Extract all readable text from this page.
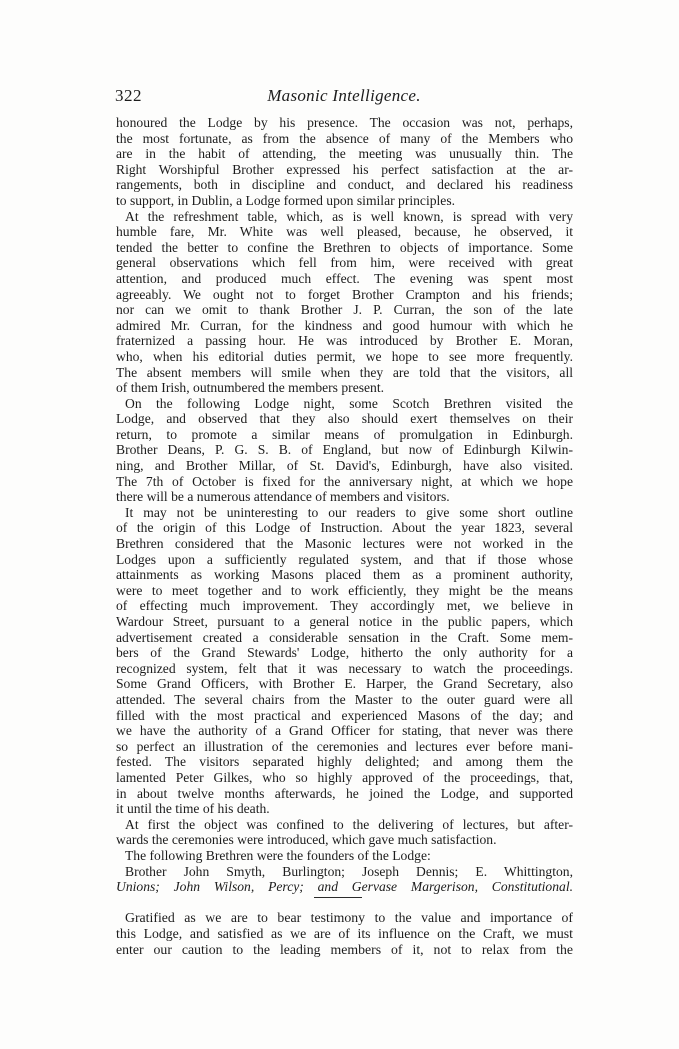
322	Masonic Intelligence.
honoured the Lodge by his presence. The occasion was not, perhaps,
the most fortunate, as from the absence of many of the Members who
are in the habit of attending, the meeting was unusually thin. The
Right Worshipful Brother expressed his perfect satisfaction at the ar-
rangements, both in discipline and conduct, and declared his readiness
to support, in Dublin, a Lodge formed upon similar principles.
At the refreshment table, which, as is well known, is spread with very
humble fare, Mr. White was well pleased, because, he observed, it
tended the better to confine the Brethren to objects of importance. Some
general observations which fell from him, were received with great
attention, and produced much effect. The evening was spent most
agreeably. We ought not to forget Brother Crampton and his friends;
nor can we omit to thank Brother J. P. Curran, the son of the late
admired Mr. Curran, for the kindness and good humour with which he
fraternized a passing hour. He was introduced by Brother E. Moran,
who, when his editorial duties permit, we hope to see more frequently.
The absent members will smile when they are told that the visitors, all
of them Irish, outnumbered the members present.
On the following Lodge night, some Scotch Brethren visited the
Lodge, and observed that they also should exert themselves on their
return, to promote a similar means of promulgation in Edinburgh.
Brother Deans, P. G. S. B. of England, but now of Edinburgh Kilwin-
ning, and Brother Millar, of St. David's, Edinburgh, have also visited.
The 7th of October is fixed for the anniversary night, at which we hope
there will be a numerous attendance of members and visitors.
It may not be uninteresting to our readers to give some short outline
of the origin of this Lodge of Instruction. About the year 1823, several
Brethren considered that the Masonic lectures were not worked in the
Lodges upon a sufficiently regulated system, and that if those whose
attainments as working Masons placed them as a prominent authority,
were to meet together and to work efficiently, they might be the means
of effecting much improvement. They accordingly met, we believe in
Wardour Street, pursuant to a general notice in the public papers, which
advertisement created a considerable sensation in the Craft. Some mem-
bers of the Grand Stewards' Lodge, hitherto the only authority for a
recognized system, felt that it was necessary to watch the proceedings.
Some Grand Officers, with Brother E. Harper, the Grand Secretary, also
attended. The several chairs from the Master to the outer guard were all
filled with the most practical and experienced Masons of the day; and
we have the authority of a Grand Officer for stating, that never was there
so perfect an illustration of the ceremonies and lectures ever before mani-
fested. The visitors separated highly delighted; and among them the
lamented Peter Gilkes, who so highly approved of the proceedings, that,
in about twelve months afterwards, he joined the Lodge, and supported
it until the time of his death.
At first the object was confined to the delivering of lectures, but after-
wards the ceremonies were introduced, which gave much satisfaction.
The following Brethren were the founders of the Lodge:
Brother John Smyth, Burlington; Joseph Dennis; E. Whittington,
Unions; John Wilson, Percy; and Gervase Margerison, Constitutional.
Gratified as we are to bear testimony to the value and importance of
this Lodge, and satisfied as we are of its influence on the Craft, we must
enter our caution to the leading members of it, not to relax from the
